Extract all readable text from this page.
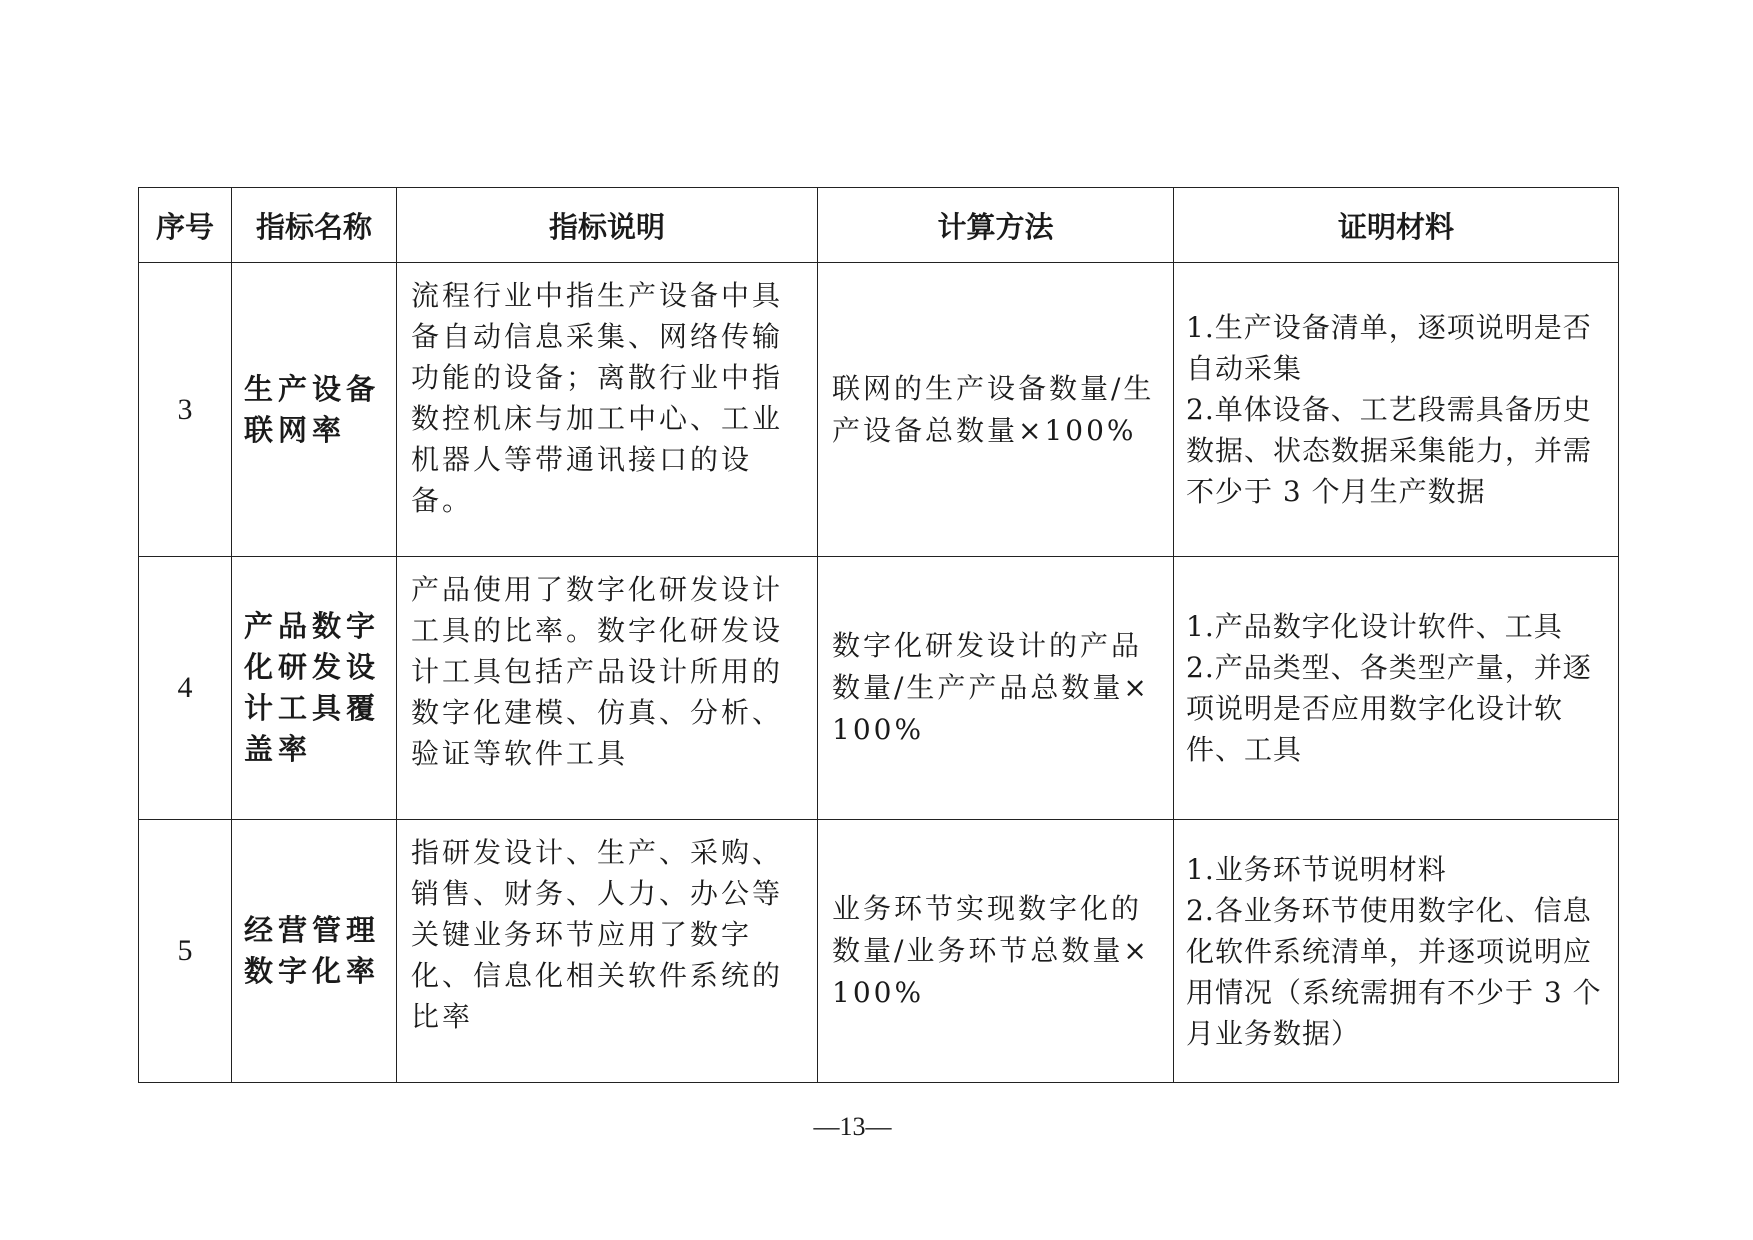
序号	指标名称	指标说明	计算方法	证明材料
3	生产设备联网率	流程行业中指生产设备中具备自动信息采集、网络传输功能的设备；离散行业中指数控机床与加工中心、工业机器人等带通讯接口的设备。	联网的生产设备数量/生产设备总数量×100%	1.生产设备清单，逐项说明是否自动采集
2.单体设备、工艺段需具备历史数据、状态数据采集能力，并需不少于 3 个月生产数据

4	产品数字化研发设计工具覆盖率	产品使用了数字化研发设计工具的比率。数字化研发设计工具包括产品设计所用的数字化建模、仿真、分析、验证等软件工具	数字化研发设计的产品数量/生产产品总数量×100%	1.产品数字化设计软件、工具
2.产品类型、各类型产量，并逐项说明是否应用数字化设计软件、工具

5	经营管理数字化率	指研发设计、生产、采购、销售、财务、人力、办公等关键业务环节应用了数字化、信息化相关软件系统的比率	业务环节实现数字化的数量/业务环节总数量×100%	1.业务环节说明材料
2.各业务环节使用数字化、信息化软件系统清单，并逐项说明应用情况（系统需拥有不少于 3 个月业务数据）
—13—
